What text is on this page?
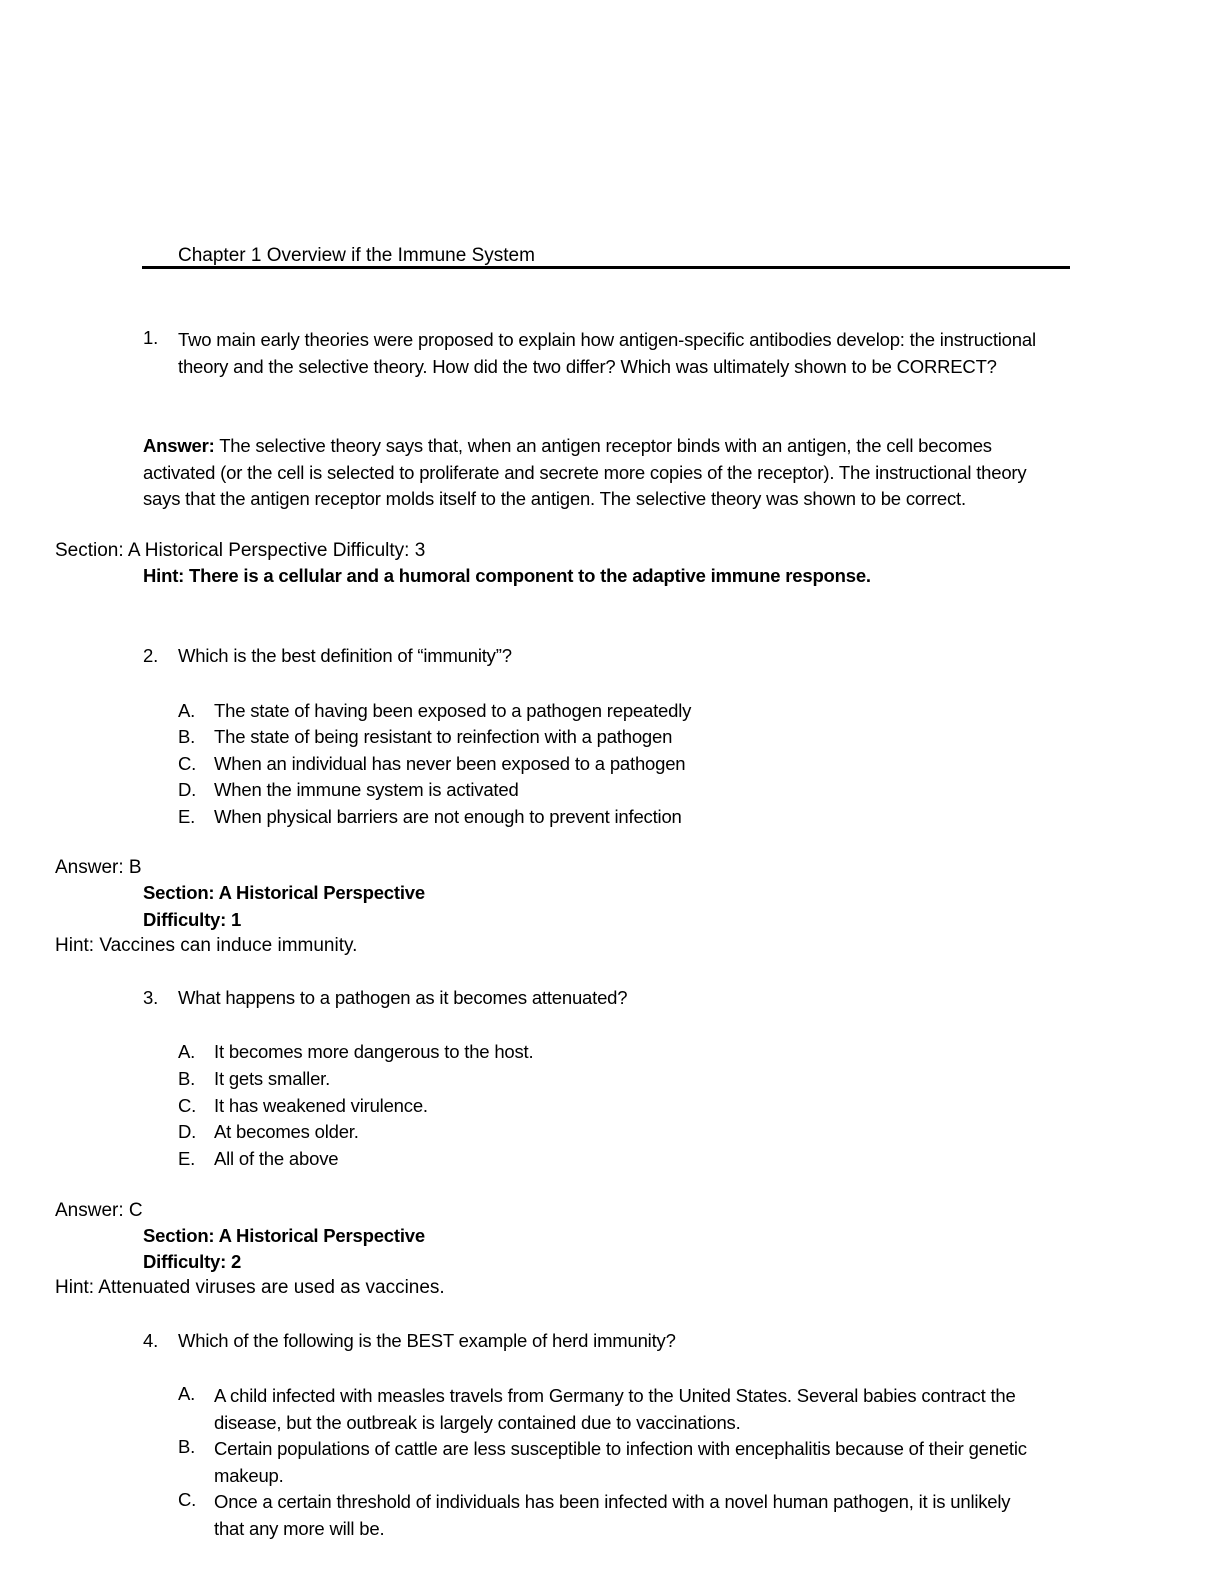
Chapter 1 Overview if the Immune System
1.	Two main early theories were proposed to explain how antigen-specific antibodies develop: the instructional theory and the selective theory. How did the two differ? Which was ultimately shown to be CORRECT?
Answer: The selective theory says that, when an antigen receptor binds with an antigen, the cell becomes activated (or the cell is selected to proliferate and secrete more copies of the receptor). The instructional theory says that the antigen receptor molds itself to the antigen. The selective theory was shown to be correct.
Section: A Historical Perspective Difficulty: 3
Hint: There is a cellular and a humoral component to the adaptive immune response.
2.	Which is the best definition of “immunity”?
A.	The state of having been exposed to a pathogen repeatedly
B.	The state of being resistant to reinfection with a pathogen
C. When an individual has never been exposed to a pathogen
D. When the immune system is activated
E.	When physical barriers are not enough to prevent infection
Answer: B
Section: A Historical Perspective
Difficulty: 1
Hint: Vaccines can induce immunity.
3.	What happens to a pathogen as it becomes attenuated?
A.	It becomes more dangerous to the host.
B.	It gets smaller.
C. It has weakened virulence.
D. At becomes older.
E.	All of the above
Answer: C
Section: A Historical Perspective
Difficulty: 2
Hint: Attenuated viruses are used as vaccines.
4.	Which of the following is the BEST example of herd immunity?
A.	A child infected with measles travels from Germany to the United States. Several babies contract the disease, but the outbreak is largely contained due to vaccinations.
B.	Certain populations of cattle are less susceptible to infection with encephalitis because of their genetic makeup.
C. Once a certain threshold of individuals has been infected with a novel human pathogen, it is unlikely that any more will be.
